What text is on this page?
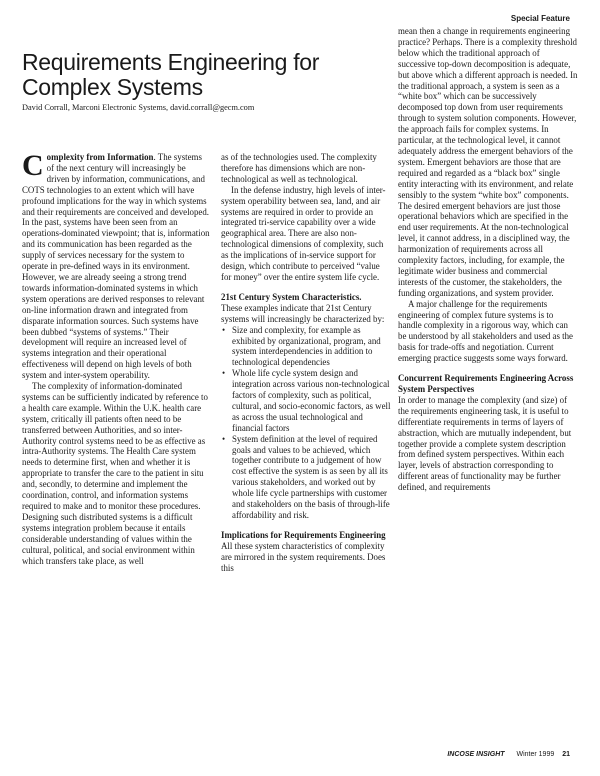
Special Feature
Requirements Engineering for
Complex Systems
David Corrall, Marconi Electronic Systems, david.corrall@gecm.com

Complexity from Information. The systems of the next century will increasingly be driven by information, communications, and COTS technologies to an extent which will have profound implications for the way in which systems and their requirements are conceived and developed. In the past, systems have been seen from an operations-dominated viewpoint; that is, information and its communication has been regarded as the supply of services necessary for the system to operate in pre-defined ways in its environment. However, we are already seeing a strong trend towards information-dominated systems in which system operations are derived responses to relevant on-line information drawn and integrated from disparate information sources. Such systems have been dubbed “systems of systems.” Their development will require an increased level of systems integration and their operational effectiveness will depend on high levels of both system and inter-system operability.

The complexity of information-dominated systems can be sufficiently indicated by reference to a health care example. Within the U.K. health care system, critically ill patients often need to be transferred between Authorities, and so inter-Authority control systems need to be as effective as intra-Authority systems. The Health Care system needs to determine first, when and whether it is appropriate to transfer the care to the patient in situ and, secondly, to determine and implement the coordination, control, and information systems required to make and to monitor these procedures. Designing such distributed systems is a difficult systems integration problem because it entails considerable understanding of values within the cultural, political, and social environment within which transfers take place, as well

as of the technologies used. The complexity therefore has dimensions which are non-technological as well as technological.

In the defense industry, high levels of inter-system operability between sea, land, and air systems are required in order to provide an integrated tri-service capability over a wide geographical area. There are also non-technological dimensions of complexity, such as the implications of in-service support for design, which contribute to perceived “value for money” over the entire system life cycle.

21st Century System Characteristics.

These examples indicate that 21st Century systems will increasingly be characterized by:

• Size and complexity, for example as exhibited by organizational, program, and system interdependencies in addition to technological dependencies
• Whole life cycle system design and integration across various non-technological factors of complexity, such as political, cultural, and socio-economic factors, as well as across the usual technological and financial factors
• System definition at the level of required goals and values to be achieved, which together contribute to a judgement of how cost effective the system is as seen by all its various stakeholders, and worked out by whole life cycle partnerships with customer and stakeholders on the basis of through-life affordability and risk.
Implications for Requirements Engineering

All these system characteristics of complexity are mirrored in the system requirements. Does this

mean then a change in requirements engineering practice? Perhaps. There is a complexity threshold below which the traditional approach of successive top-down decomposition is adequate, but above which a different approach is needed. In the traditional approach, a system is seen as a “white box” which can be successively decomposed top down from user requirements through to system solution components. However, the approach fails for complex systems. In particular, at the technological level, it cannot adequately address the emergent behaviors of the system. Emergent behaviors are those that are required and regarded as a “black box” single entity interacting with its environment, and relate sensibly to the system “white box” components. The desired emergent behaviors are just those operational behaviors which are specified in the end user requirements. At the non-technological level, it cannot address, in a disciplined way, the harmonization of requirements across all complexity factors, including, for example, the legitimate wider business and commercial interests of the customer, the stakeholders, the funding organizations, and system provider.

A major challenge for the requirements engineering of complex future systems is to handle complexity in a rigorous way, which can be understood by all stakeholders and used as the basis for trade-offs and negotiation. Current emerging practice suggests some ways forward.

Concurrent Requirements Engineering Across System Perspectives

In order to manage the complexity (and size) of the requirements engineering task, it is useful to differentiate requirements in terms of layers of abstraction, which are mutually independent, but together provide a complete system description from defined system perspectives. Within each layer, levels of abstraction corresponding to different areas of functionality may be further defined, and requirements

INCOSE INSIGHT Winter 1999 21
